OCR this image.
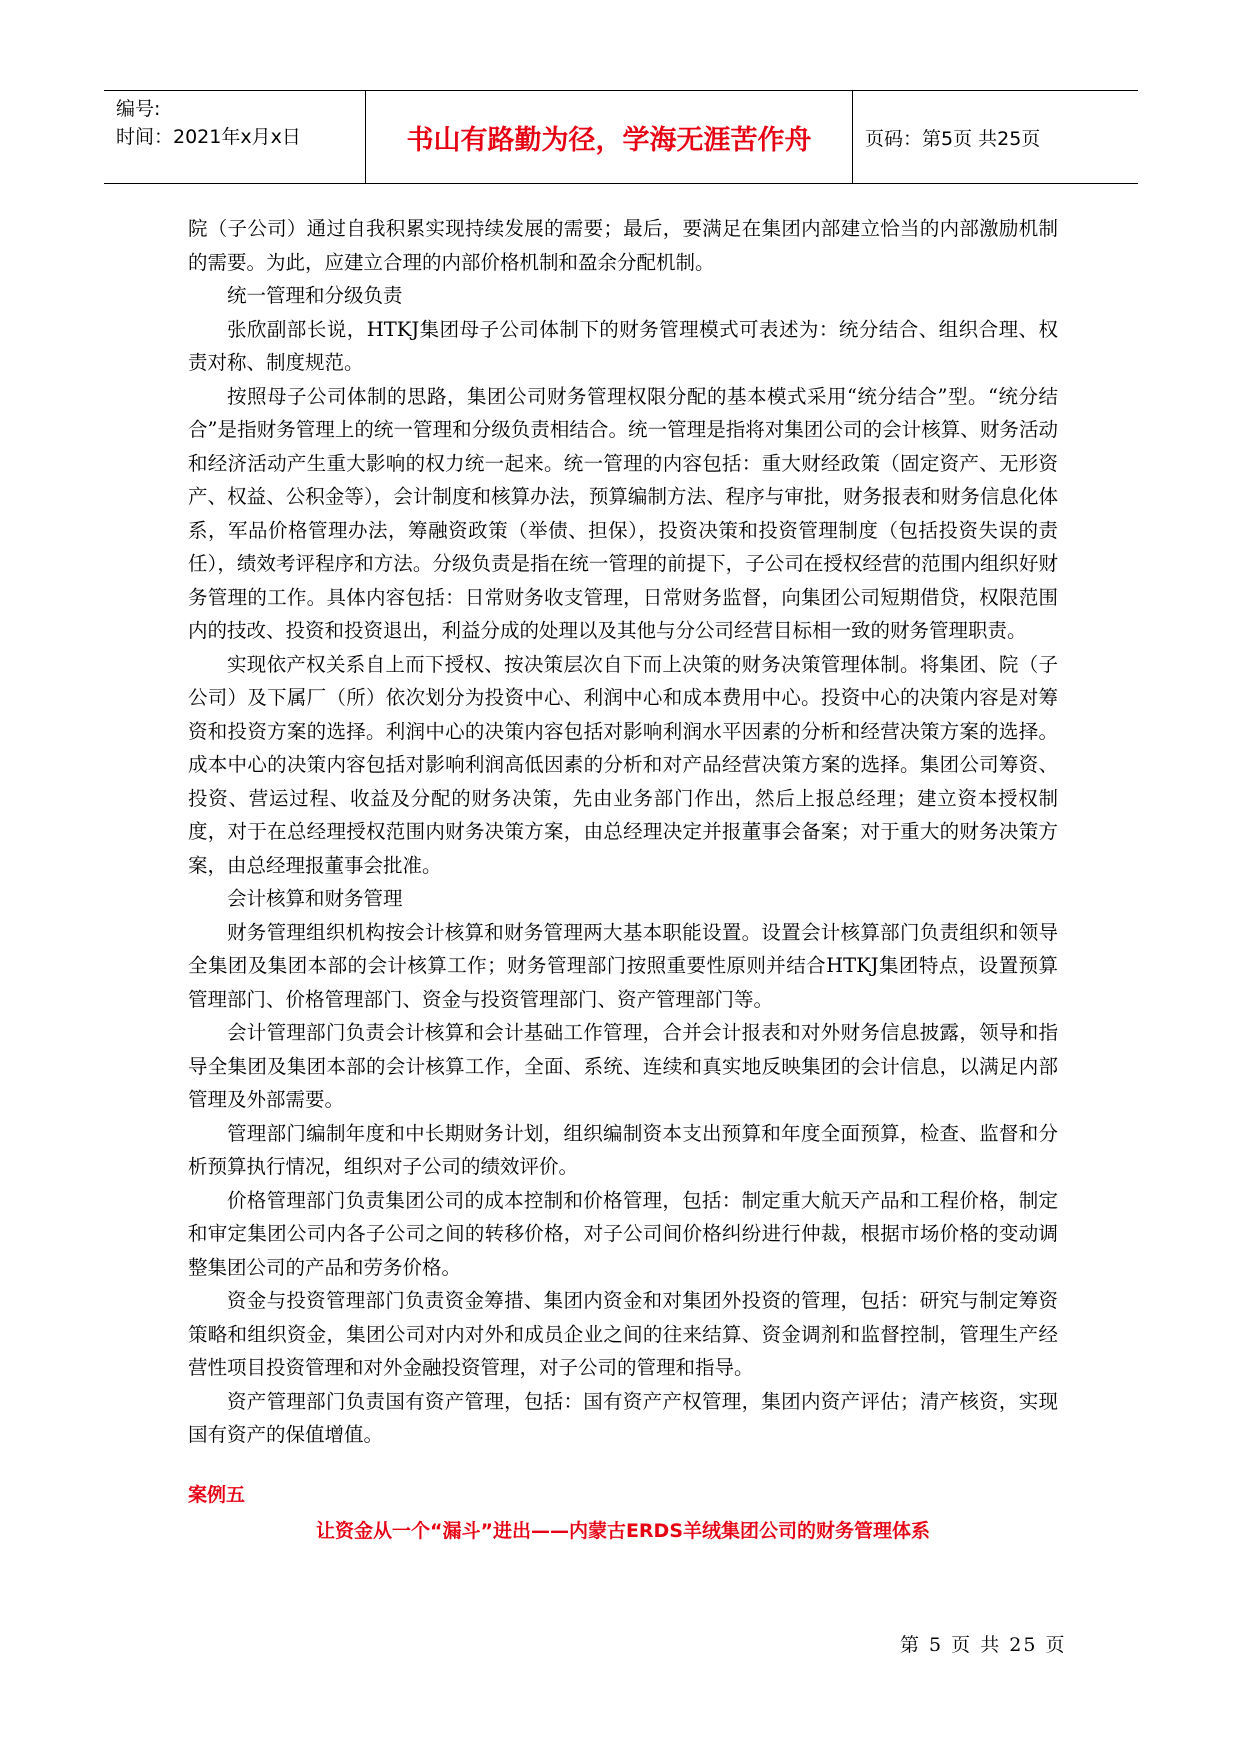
编号:
时间：2021年x月x日	书山有路勤为径，学海无涯苦作舟	页码：第5页 共25页

院（子公司）通过自我积累实现持续发展的需要；最后，要满足在集团内部建立恰当的内部激励机制的需要。为此，应建立合理的内部价格机制和盈余分配机制。

统一管理和分级负责

张欣副部长说，HTKJ集团母子公司体制下的财务管理模式可表述为：统分结合、组织合理、权责对称、制度规范。

按照母子公司体制的思路，集团公司财务管理权限分配的基本模式采用“统分结合”型。“统分结合”是指财务管理上的统一管理和分级负责相结合。统一管理是指将对集团公司的会计核算、财务活动和经济活动产生重大影响的权力统一起来。统一管理的内容包括：重大财经政策（固定资产、无形资产、权益、公积金等），会计制度和核算办法，预算编制方法、程序与审批，财务报表和财务信息化体系，军品价格管理办法，筹融资政策（举债、担保），投资决策和投资管理制度（包括投资失误的责任），绩效考评程序和方法。分级负责是指在统一管理的前提下，子公司在授权经营的范围内组织好财务管理的工作。具体内容包括：日常财务收支管理，日常财务监督，向集团公司短期借贷，权限范围内的技改、投资和投资退出，利益分成的处理以及其他与分公司经营目标相一致的财务管理职责。

实现依产权关系自上而下授权、按决策层次自下而上决策的财务决策管理体制。将集团、院（子公司）及下属厂（所）依次划分为投资中心、利润中心和成本费用中心。投资中心的决策内容是对筹资和投资方案的选择。利润中心的决策内容包括对影响利润水平因素的分析和经营决策方案的选择。成本中心的决策内容包括对影响利润高低因素的分析和对产品经营决策方案的选择。集团公司筹资、投资、营运过程、收益及分配的财务决策，先由业务部门作出，然后上报总经理；建立资本授权制度，对于在总经理授权范围内财务决策方案，由总经理决定并报董事会备案；对于重大的财务决策方案，由总经理报董事会批准。

会计核算和财务管理

财务管理组织机构按会计核算和财务管理两大基本职能设置。设置会计核算部门负责组织和领导全集团及集团本部的会计核算工作；财务管理部门按照重要性原则并结合HTKJ集团特点，设置预算管理部门、价格管理部门、资金与投资管理部门、资产管理部门等。

会计管理部门负责会计核算和会计基础工作管理，合并会计报表和对外财务信息披露，领导和指导全集团及集团本部的会计核算工作，全面、系统、连续和真实地反映集团的会计信息，以满足内部管理及外部需要。

管理部门编制年度和中长期财务计划，组织编制资本支出预算和年度全面预算，检查、监督和分析预算执行情况，组织对子公司的绩效评价。

价格管理部门负责集团公司的成本控制和价格管理，包括：制定重大航天产品和工程价格，制定和审定集团公司内各子公司之间的转移价格，对子公司间价格纠纷进行仲裁，根据市场价格的变动调整集团公司的产品和劳务价格。

资金与投资管理部门负责资金筹措、集团内资金和对集团外投资的管理，包括：研究与制定筹资策略和组织资金，集团公司对内对外和成员企业之间的往来结算、资金调剂和监督控制，管理生产经营性项目投资管理和对外金融投资管理，对子公司的管理和指导。

资产管理部门负责国有资产管理，包括：国有资产产权管理，集团内资产评估；清产核资，实现国有资产的保值增值。

案例五
让资金从一个“漏斗”进出——内蒙古ERDS羊绒集团公司的财务管理体系
第 5 页 共 25 页
